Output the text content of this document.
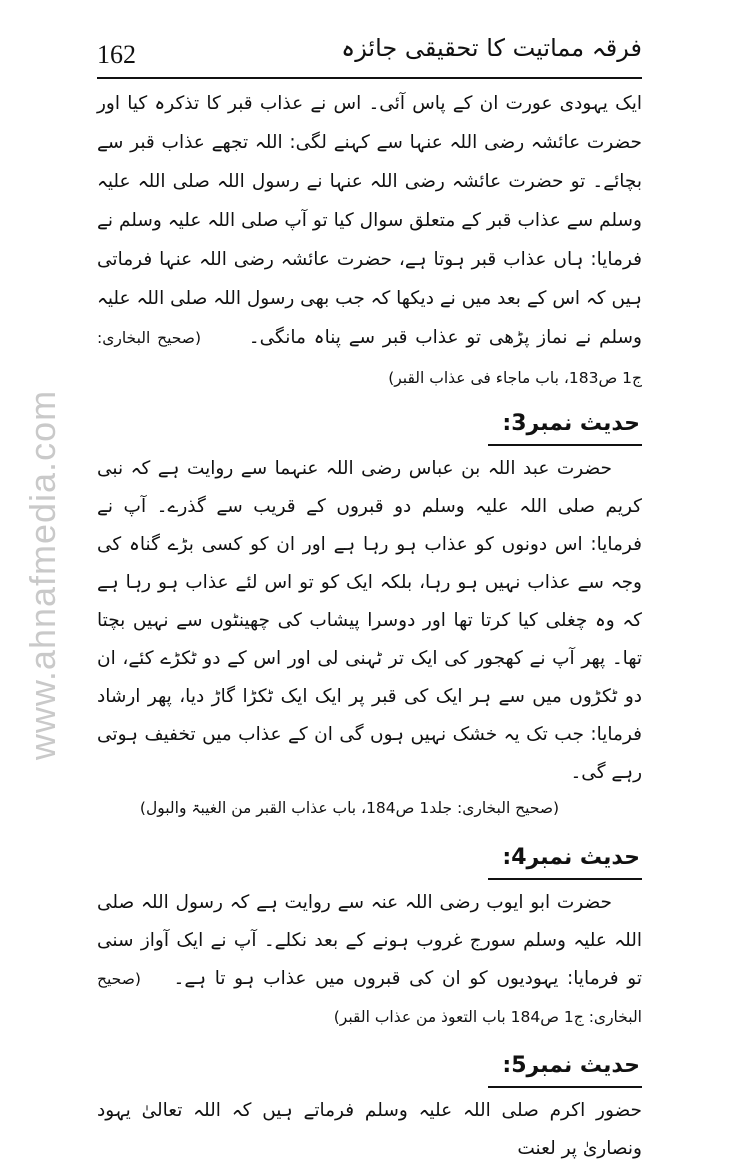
162	فرقہ مماتیت کا تحقیقی جائزہ
www.ahnafmedia.com

ایک یہودی عورت ان کے پاس آئی۔ اس نے عذاب قبر کا تذکرہ کیا اور حضرت عائشہ رضی اللہ عنہا سے کہنے لگی: اللہ تجھے عذاب قبر سے بچائے۔ تو حضرت عائشہ رضی اللہ عنہا نے رسول اللہ صلی اللہ علیہ وسلم سے عذاب قبر کے متعلق سوال کیا تو آپ صلی اللہ علیہ وسلم نے فرمایا: ہاں عذاب قبر ہوتا ہے، حضرت عائشہ رضی اللہ عنہا فرماتی ہیں کہ اس کے بعد میں نے دیکھا کہ جب بھی رسول اللہ صلی اللہ علیہ وسلم نے نماز پڑھی تو عذاب قبر سے پناہ مانگی۔ (صحیح البخاری: ج1 ص183، باب ماجاء فی عذاب القبر)

حدیث نمبر3:

حضرت عبد اللہ بن عباس رضی اللہ عنہما سے روایت ہے کہ نبی کریم صلی اللہ علیہ وسلم دو قبروں کے قریب سے گذرے۔ آپ نے فرمایا: اس دونوں کو عذاب ہو رہا ہے اور ان کو کسی بڑے گناہ کی وجہ سے عذاب نہیں ہو رہا، بلکہ ایک کو تو اس لئے عذاب ہو رہا ہے کہ وہ چغلی کیا کرتا تھا اور دوسرا پیشاب کی چھینٹوں سے نہیں بچتا تھا۔ پھر آپ نے کھجور کی ایک تر ٹہنی لی اور اس کے دو ٹکڑے کئے، ان دو ٹکڑوں میں سے ہر ایک کی قبر پر ایک ایک ٹکڑا گاڑ دیا، پھر ارشاد فرمایا: جب تک یہ خشک نہیں ہوں گی ان کے عذاب میں تخفیف ہوتی رہے گی۔

(صحیح البخاری: جلد1 ص184، باب عذاب القبر من الغیبۃ والبول)

حدیث نمبر4:

حضرت ابو ایوب رضی اللہ عنہ سے روایت ہے کہ رسول اللہ صلی اللہ علیہ وسلم سورج غروب ہونے کے بعد نکلے۔ آپ نے ایک آواز سنی تو فرمایا: یہودیوں کو ان کی قبروں میں عذاب ہو تا ہے۔ (صحیح البخاری: ج1 ص184 باب التعوذ من عذاب القبر)

حدیث نمبر5:

حضور اکرم صلی اللہ علیہ وسلم فرماتے ہیں کہ اللہ تعالیٰ یہود ونصاریٰ پر لعنت
